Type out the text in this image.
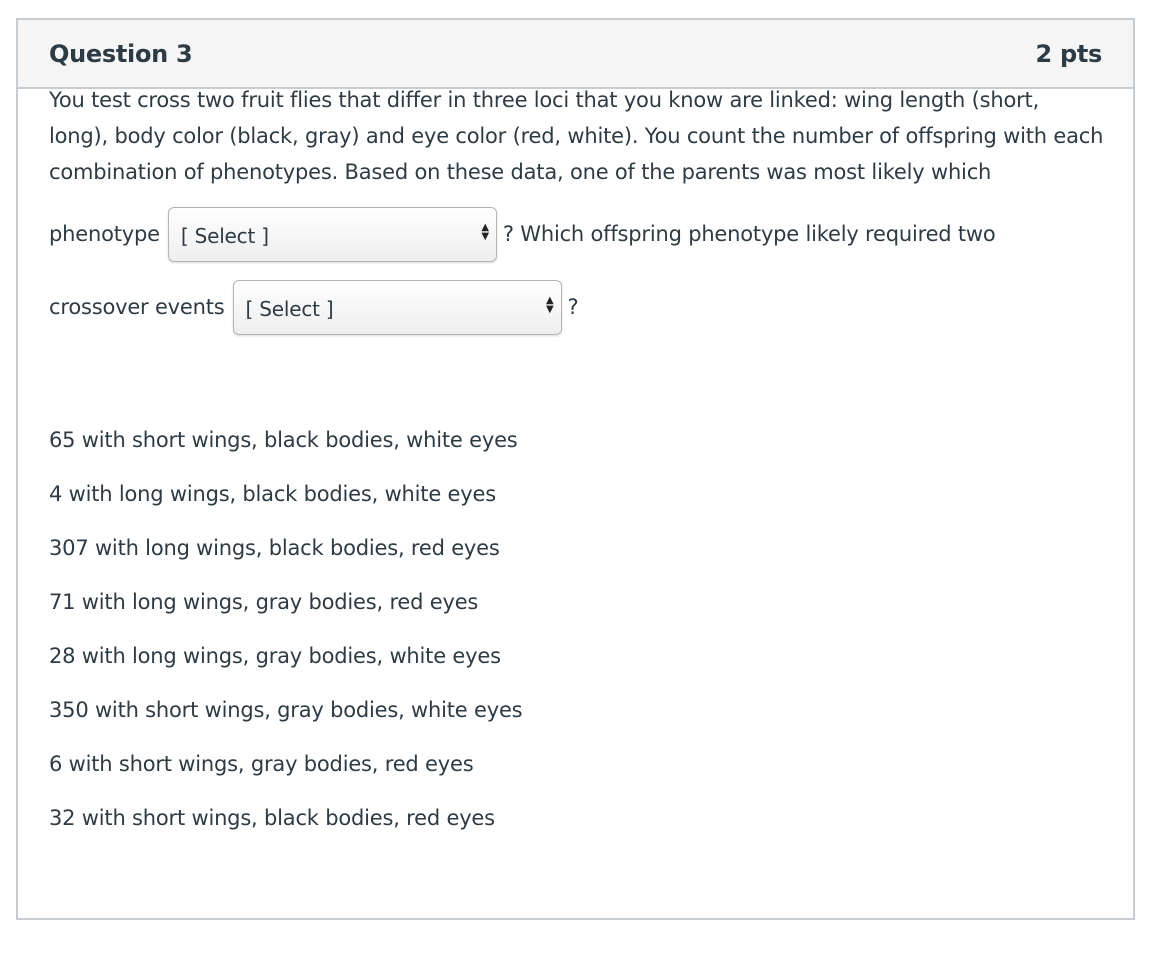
Question 3	2 pts
You test cross two fruit flies that differ in three loci that you know are linked: wing length (short,
long), body color (black, gray) and eye color (red, white). You count the number of offspring with each
combination of phenotypes. Based on these data, one of the parents was most likely which
phenotype [ Select ]	▲
▼ ? Which offspring phenotype likely required two
crossover events [ Select ]	▲
▼ ?
65 with short wings, black bodies, white eyes
4 with long wings, black bodies, white eyes
307 with long wings, black bodies, red eyes
71 with long wings, gray bodies, red eyes
28 with long wings, gray bodies, white eyes
350 with short wings, gray bodies, white eyes
6 with short wings, gray bodies, red eyes
32 with short wings, black bodies, red eyes
